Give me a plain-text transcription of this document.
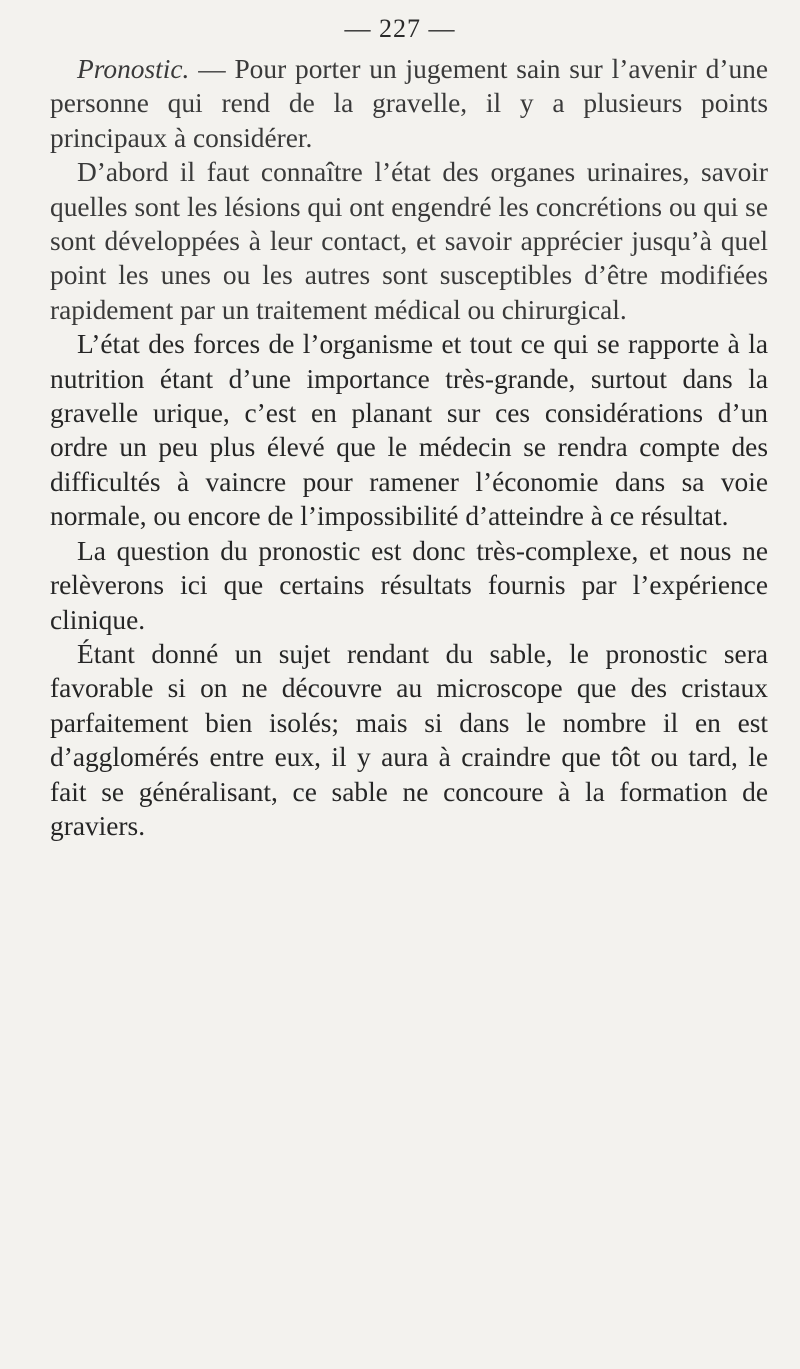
— 227 —

Pronostic. — Pour porter un jugement sain sur l’avenir d’une personne qui rend de la gravelle, il y a plusieurs points principaux à considérer.

D’abord il faut connaître l’état des organes urinaires, savoir quelles sont les lésions qui ont engendré les concrétions ou qui se sont développées à leur contact, et savoir apprécier jusqu’à quel point les unes ou les autres sont susceptibles d’être modifiées rapidement par un traitement médical ou chirurgical.

L’état des forces de l’organisme et tout ce qui se rapporte à la nutrition étant d’une importance très-grande, surtout dans la gravelle urique, c’est en planant sur ces considérations d’un ordre un peu plus élevé que le médecin se rendra compte des difficultés à vaincre pour ramener l’économie dans sa voie normale, ou encore de l’impossibilité d’atteindre à ce résultat.

La question du pronostic est donc très-complexe, et nous ne relèverons ici que certains résultats fournis par l’expérience clinique.

Étant donné un sujet rendant du sable, le pronostic sera favorable si on ne découvre au microscope que des cristaux parfaitement bien isolés; mais si dans le nombre il en est d’agglomérés entre eux, il y aura à craindre que tôt ou tard, le fait se généralisant, ce sable ne concoure à la formation de graviers.
